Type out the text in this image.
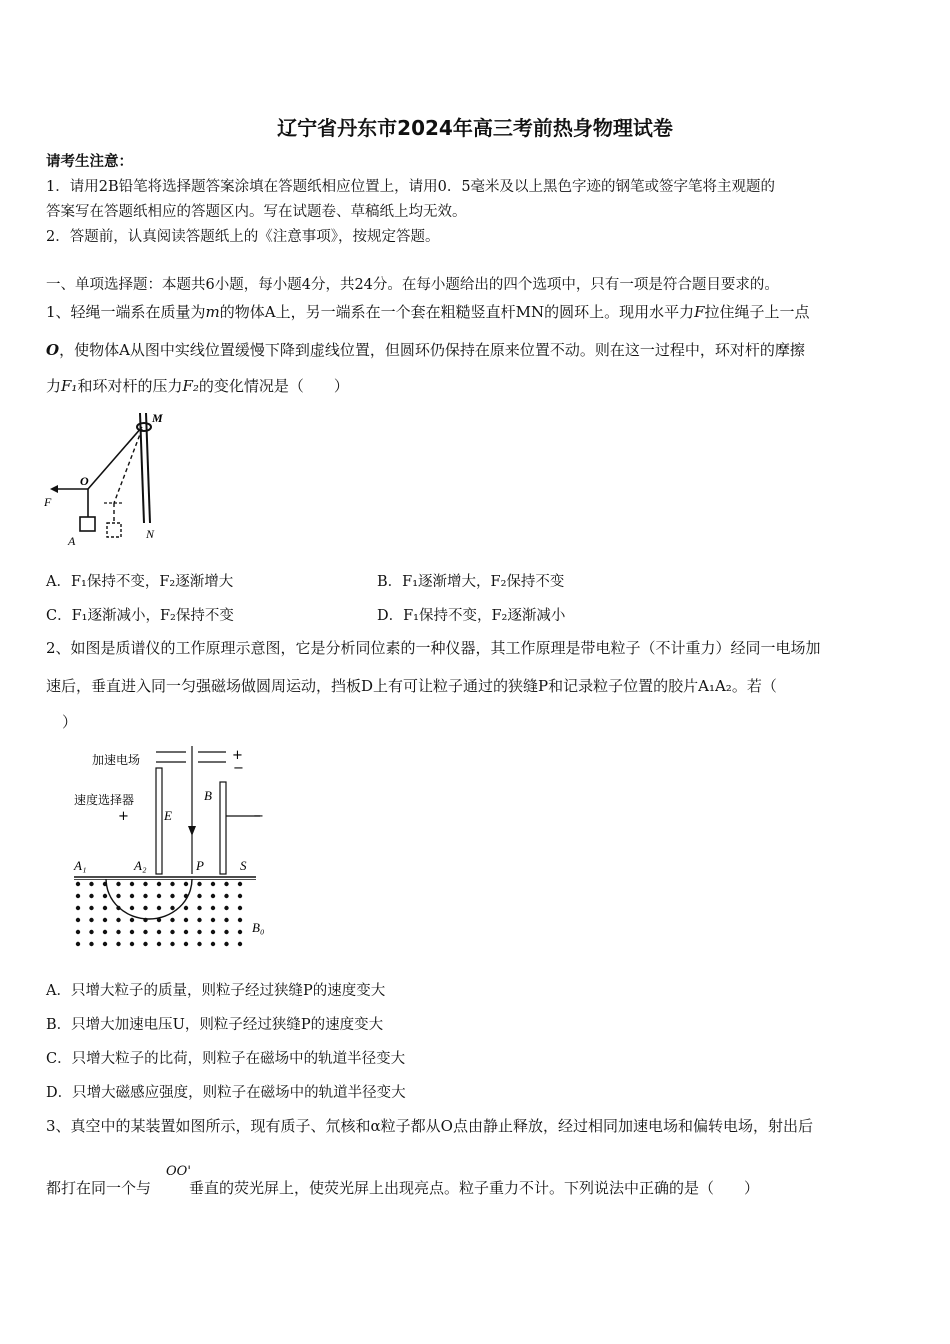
辽宁省丹东市2024年高三考前热身物理试卷
请考生注意：
1．请用2B铅笔将选择题答案涂填在答题纸相应位置上，请用0．5毫米及以上黑色字迹的钢笔或签字笔将主观题的
答案写在答题纸相应的答题区内。写在试题卷、草稿纸上均无效。
2．答题前，认真阅读答题纸上的《注意事项》，按规定答题。
一、单项选择题：本题共6小题，每小题4分，共24分。在每小题给出的四个选项中，只有一项是符合题目要求的。
1、轻绳一端系在质量为m的物体A上，另一端系在一个套在粗糙竖直杆MN的圆环上。现用水平力F拉住绳子上一点
O，使物体A从图中实线位置缓慢下降到虚线位置，但圆环仍保持在原来位置不动。则在这一过程中，环对杆的摩擦
力F₁和环对杆的压力F₂的变化情况是（　　）
M
N
O
F
A
A．F₁保持不变，F₂逐渐增大	B．F₁逐渐增大，F₂保持不变
C．F₁逐渐减小，F₂保持不变	D．F₁保持不变，F₂逐渐减小
2、如图是质谱仪的工作原理示意图，它是分析同位素的一种仪器，其工作原理是带电粒子（不计重力）经同一电场加
速后，垂直进入同一匀强磁场做圆周运动，挡板D上有可让粒子通过的狭缝P和记录粒子位置的胶片A₁A₂。若（
）
加速电场	+
−
速度选择器
+	E
B
−
A₁	A₂	P	S
B₀
A．只增大粒子的质量，则粒子经过狭缝P的速度变大
B．只增大加速电压U，则粒子经过狭缝P的速度变大
C．只增大粒子的比荷，则粒子在磁场中的轨道半径变大
D．只增大磁感应强度，则粒子在磁场中的轨道半径变大
3、真空中的某装置如图所示，现有质子、氘核和α粒子都从O点由静止释放，经过相同加速电场和偏转电场，射出后
都打在同一个与	垂直的荧光屏上，使荧光屏上出现亮点。粒子重力不计。下列说法中正确的是（　　）
OO'
